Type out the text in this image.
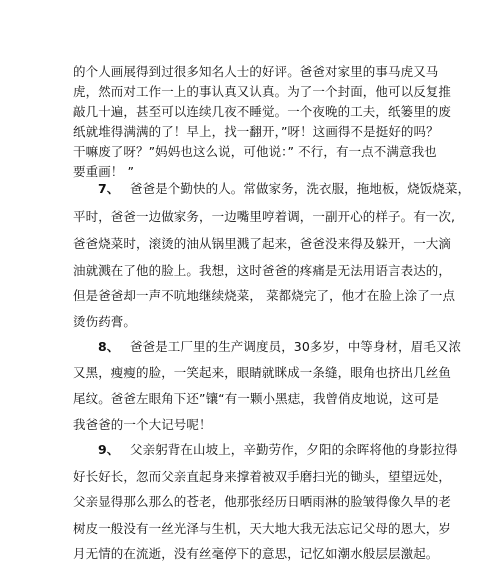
的个人画展得到过很多知名人士的好评。爸爸对家里的事马虎又马
虎，然而对工作一上的事认真又认真。为了一个封面，他可以反复推
敲几十遍，甚至可以连续几夜不睡觉。一个夜晚的工夫，纸篓里的废
纸就堆得满满的了！早上，找一翻开，”呀！这画得不是挺好的吗？
干嘛废了呀？”妈妈也这么说，可他说：” 不行，有一点不满意我也
要重画！ ”
7、 爸爸是个勤快的人。常做家务，洗衣服，拖地板，烧饭烧菜，
平时，爸爸一边做家务，一边嘴里哼着调，一副开心的样子。有一次,
爸爸烧菜时，滚烫的油从锅里溅了起来，爸爸没来得及躲开，一大滴
油就溅在了他的脸上。我想，这时爸爸的疼痛是无法用语言表达的，
但是爸爸却一声不吭地继续烧菜， 菜都烧完了，他才在脸上涂了一点
烫伤药膏。
8、 爸爸是工厂里的生产调度员，30多岁，中等身材，眉毛又浓
又黑，瘦瘦的脸，一笑起来，眼睛就眯成一条缝，眼角也挤出几丝鱼
尾纹。爸爸左眼角下还”镶“有一颗小黑痣，我曾俏皮地说，这可是
我爸爸的一个大记号呢！
9、 父亲躬背在山坡上，辛勤劳作，夕阳的余晖将他的身影拉得
好长好长，忽而父亲直起身来撑着被双手磨扫光的锄头，望望远处，
父亲显得那么那么的苍老，他那张经历日晒雨淋的脸皱得像久旱的老
树皮一般没有一丝光泽与生机，天大地大我无法忘记父母的恩大，岁
月无情的在流逝，没有丝毫停下的意思，记忆如潮水般层层激起。
